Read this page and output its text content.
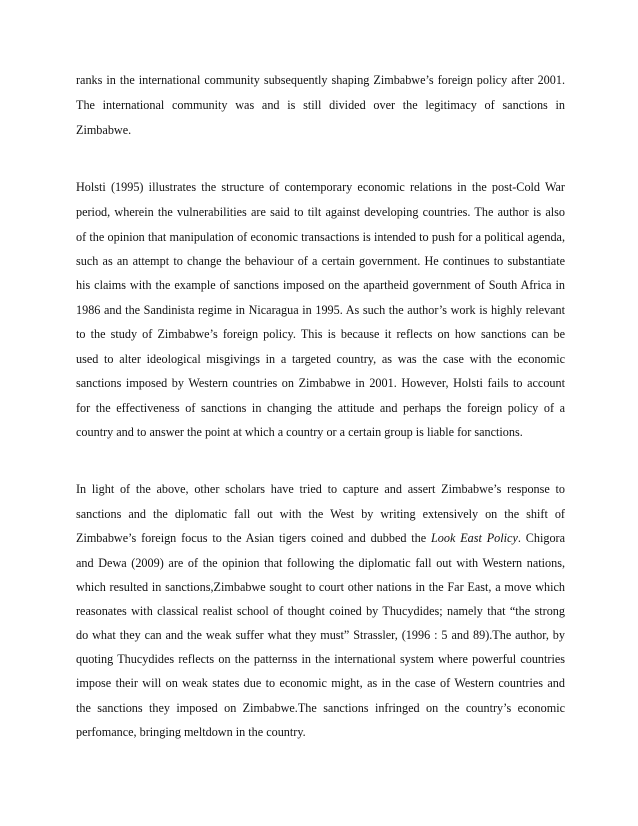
ranks in the international community subsequently shaping Zimbabwe’s foreign policy after 2001.
The international community was and is still divided over the legitimacy of sanctions in
Zimbabwe.
Holsti (1995) illustrates the structure of contemporary economic relations in the post-Cold War
period, wherein the vulnerabilities are said to tilt against developing countries. The author is also
of the opinion that manipulation of economic transactions is intended to push for a political agenda,
such as an attempt to change the behaviour of a certain government. He continues to substantiate
his claims with the example of sanctions imposed on the apartheid government of South Africa in
1986 and the Sandinista regime in Nicaragua in 1995. As such the author’s work is highly relevant
to the study of Zimbabwe’s foreign policy. This is because it reflects on how sanctions can be
used to alter ideological misgivings in a targeted country, as was the case with the economic
sanctions imposed by Western countries on Zimbabwe in 2001. However, Holsti fails to account
for the effectiveness of sanctions in changing the attitude and perhaps the foreign policy of a
country and to answer the point at which a country or a certain group is liable for sanctions.
In light of the above, other scholars have tried to capture and assert Zimbabwe’s response to
sanctions and the diplomatic fall out with the West by writing extensively on the shift of
Zimbabwe’s foreign focus to the Asian tigers coined and dubbed the Look East Policy. Chigora
and Dewa (2009) are of the opinion that following the diplomatic fall out with Western nations,
which resulted in sanctions,Zimbabwe sought to court other nations in the Far East, a move which
reasonates with classical realist school of thought coined by Thucydides; namely that “the strong
do what they can and the weak suffer what they must” Strassler, (1996 : 5 and 89).The author, by
quoting Thucydides reflects on the patternss in the international system where powerful countries
impose their will on weak states due to economic might, as in the case of Western countries and
the sanctions they imposed on Zimbabwe.The sanctions infringed on the country’s economic
perfomance, bringing meltdown in the country.
